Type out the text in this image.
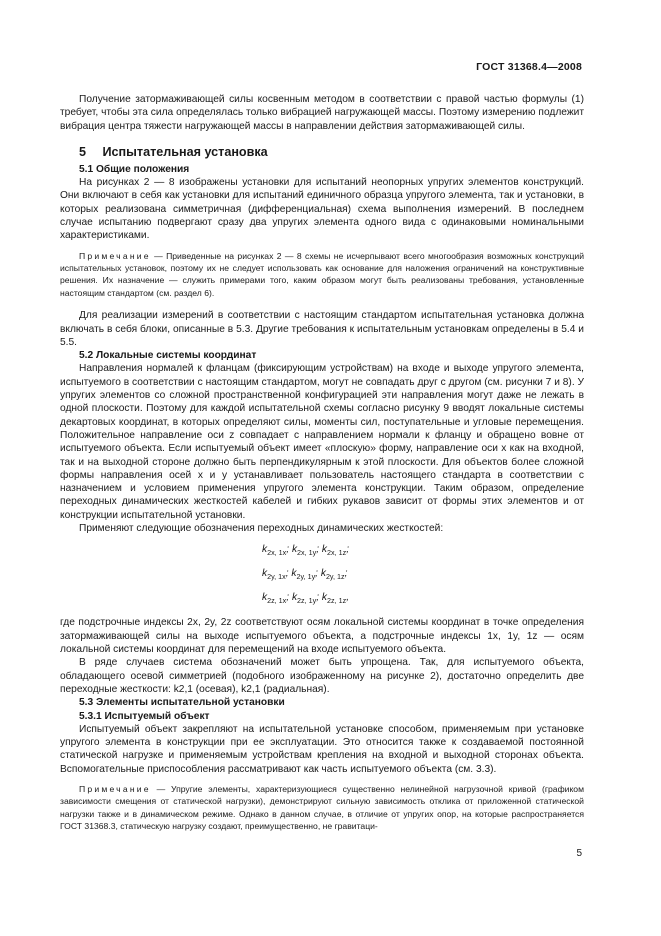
ГОСТ 31368.4—2008

Получение затормаживающей силы косвенным методом в соответствии с правой частью формулы (1) требует, чтобы эта сила определялась только вибрацией нагружающей массы. Поэтому измерению подлежит вибрация центра тяжести нагружающей массы в направлении действия затормаживающей силы.

5 Испытательная установка
5.1 Общие положения

На рисунках 2 — 8 изображены установки для испытаний неопорных упругих элементов конструкций. Они включают в себя как установки для испытаний единичного образца упругого элемента, так и установки, в которых реализована симметричная (дифференциальная) схема выполнения измерений. В последнем случае испытанию подвергают сразу два упругих элемента одного вида с одинаковыми номинальными характеристиками.

Примечание — Приведенные на рисунках 2 — 8 схемы не исчерпывают всего многообразия возможных конструкций испытательных установок, поэтому их не следует использовать как основание для наложения ограничений на конструктивные решения. Их назначение — служить примерами того, каким образом могут быть реализованы требования, установленные настоящим стандартом (см. раздел 6).

Для реализации измерений в соответствии с настоящим стандартом испытательная установка должна включать в себя блоки, описанные в 5.3. Другие требования к испытательным установкам определены в 5.4 и 5.5.

5.2 Локальные системы координат

Направления нормалей к фланцам (фиксирующим устройствам) на входе и выходе упругого элемента, испытуемого в соответствии с настоящим стандартом, могут не совпадать друг с другом (см. рисунки 7 и 8). У упругих элементов со сложной пространственной конфигурацией эти направления могут даже не лежать в одной плоскости. Поэтому для каждой испытательной схемы согласно рисунку 9 вводят локальные системы декартовых координат, в которых определяют силы, моменты сил, поступательные и угловые перемещения. Положительное направление оси z совпадает с направлением нормали к фланцу и обращено вовне от испытуемого объекта. Если испытуемый объект имеет «плоскую» форму, направление оси x как на входной, так и на выходной стороне должно быть перпендикулярным к этой плоскости. Для объектов более сложной формы направления осей x и y устанавливает пользователь настоящего стандарта в соответствии с назначением и условием применения упругого элемента конструкции. Таким образом, определение переходных динамических жесткостей кабелей и гибких рукавов зависит от формы этих элементов и от конструкции испытательной установки.

Применяют следующие обозначения переходных динамических жесткостей:

$k_{2x, 1x}$; $k_{2x, 1y}$; $k_{2x, 1z}$;
$k_{2y, 1x}$; $k_{2y, 1y}$; $k_{2y, 1z}$;
$k_{2z, 1x}$; $k_{2z, 1y}$; $k_{2z, 1z}$,

где подстрочные индексы 2x, 2y, 2z соответствуют осям локальной системы координат в точке определения затормаживающей силы на выходе испытуемого объекта, а подстрочные индексы 1x, 1y, 1z — осям локальной системы координат для перемещений на входе испытуемого объекта.

В ряде случаев система обозначений может быть упрощена. Так, для испытуемого объекта, обладающего осевой симметрией (подобного изображенному на рисунке 2), достаточно определить две переходные жесткости: k2,1 (осевая), k2,1 (радиальная).

5.3 Элементы испытательной установки
5.3.1 Испытуемый объект

Испытуемый объект закрепляют на испытательной установке способом, применяемым при установке упругого элемента в конструкции при ее эксплуатации. Это относится также к создаваемой постоянной статической нагрузке и применяемым устройствам крепления на входной и выходной сторонах объекта. Вспомогательные приспособления рассматривают как часть испытуемого объекта (см. 3.3).

Примечание — Упругие элементы, характеризующиеся существенно нелинейной нагрузочной кривой (графиком зависимости смещения от статической нагрузки), демонстрируют сильную зависимость отклика от приложенной статической нагрузки также и в динамическом режиме. Однако в данном случае, в отличие от упругих опор, на которые распространяется ГОСТ 31368.3, статическую нагрузку создают, преимущественно, не гравитаци-

5
